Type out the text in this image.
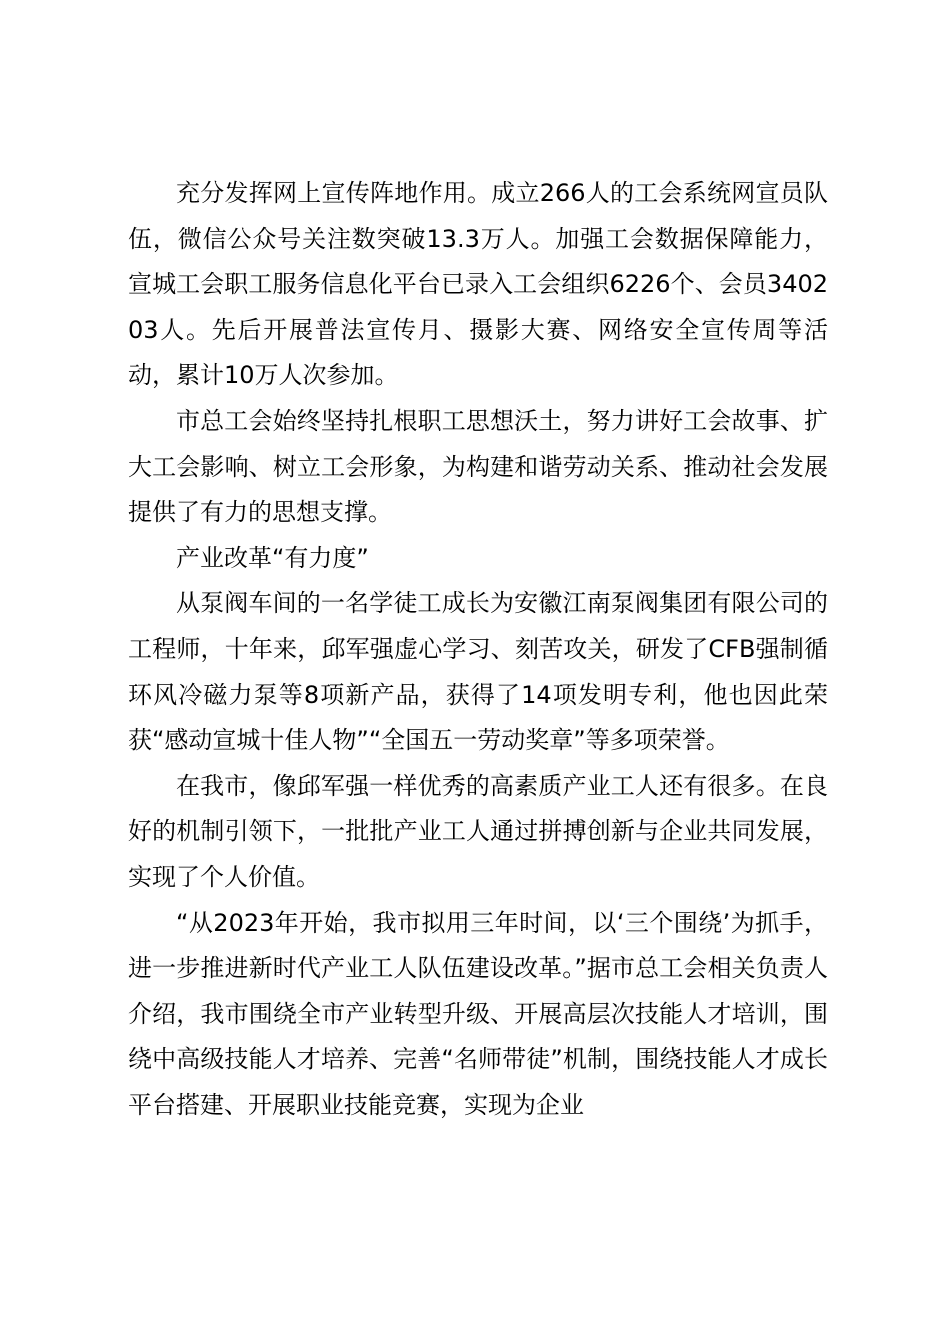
充分发挥网上宣传阵地作用。成立266人的工会系统网宣员队伍，微信公众号关注数突破13.3万人。加强工会数据保障能力，宣城工会职工服务信息化平台已录入工会组织6226个、会员340203人。先后开展普法宣传月、摄影大赛、网络安全宣传周等活动，累计10万人次参加。

市总工会始终坚持扎根职工思想沃土，努力讲好工会故事、扩大工会影响、树立工会形象，为构建和谐劳动关系、推动社会发展提供了有力的思想支撑。

产业改革“有力度”

从泵阀车间的一名学徒工成长为安徽江南泵阀集团有限公司的工程师，十年来，邱军强虚心学习、刻苦攻关，研发了CFB强制循环风冷磁力泵等8项新产品，获得了14项发明专利，他也因此荣获“感动宣城十佳人物”“全国五一劳动奖章”等多项荣誉。

在我市，像邱军强一样优秀的高素质产业工人还有很多。在良好的机制引领下，一批批产业工人通过拼搏创新与企业共同发展，实现了个人价值。

“从2023年开始，我市拟用三年时间，以‘三个围绕’为抓手，进一步推进新时代产业工人队伍建设改革。”据市总工会相关负责人介绍，我市围绕全市产业转型升级、开展高层次技能人才培训，围绕中高级技能人才培养、完善“名师带徒”机制，围绕技能人才成长平台搭建、开展职业技能竞赛，实现为企业
